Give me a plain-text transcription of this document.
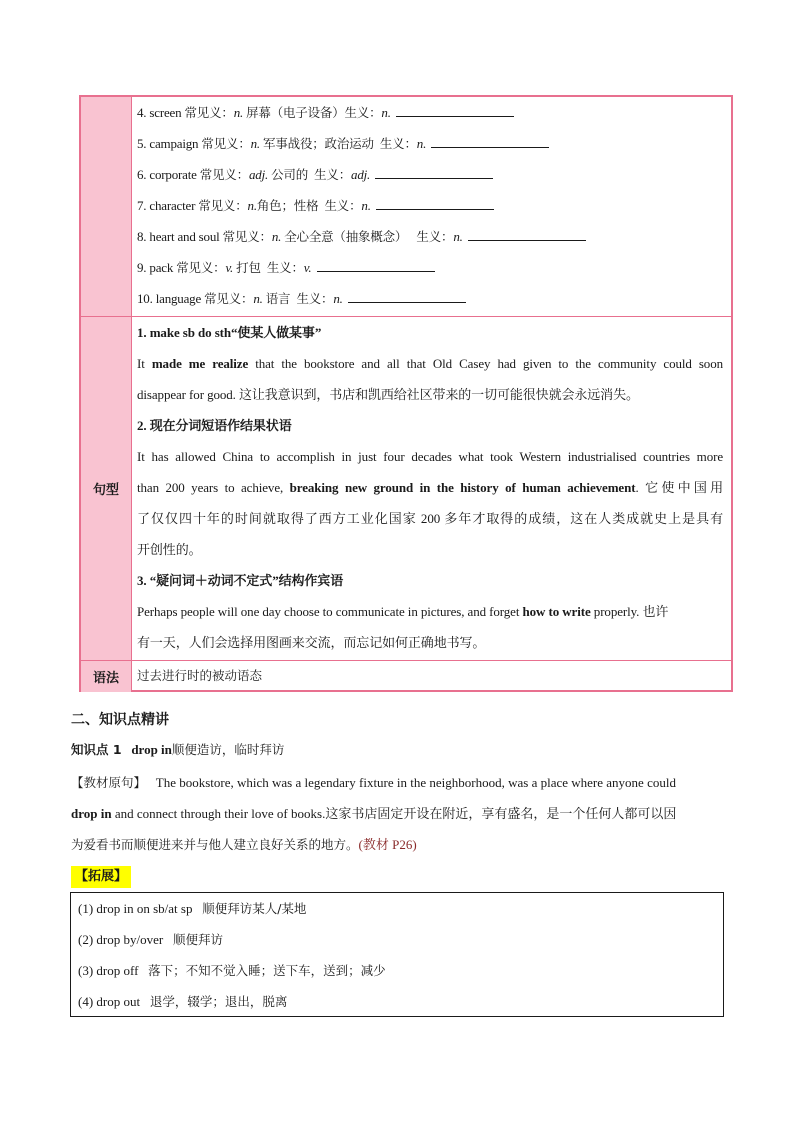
4. screen 常见义：n. 屏幕（电子设备）生义：n.
5. campaign 常见义：n. 军事战役；政治运动 生义：n.
6. corporate 常见义：adj. 公司的 生义：adj.
7. character 常见义：n.角色；性格 生义：n.
8. heart and soul 常见义：n. 全心全意（抽象概念） 生义：n.
9. pack 常见义：v. 打包 生义：v.
10. language 常见义：n. 语言 生义：n.
句型
1. make sb do sth“使某人做某事”
It made me realize that the bookstore and all that Old Casey had given to the community could soon
disappear for good. 这让我意识到，书店和凯西给社区带来的一切可能很快就会永远消失。
2. 现在分词短语作结果状语
It has allowed China to accomplish in just four decades what took Western industrialised countries more
than 200 years to achieve, breaking new ground in the history of human achievement. 它使中国用
了仅仅四十年的时间就取得了西方工业化国家 200 多年才取得的成绩，这在人类成就史上是具有
开创性的。
3. “疑问词＋动词不定式”结构作宾语
Perhaps people will one day choose to communicate in pictures, and forget how to write properly. 也许
有一天，人们会选择用图画来交流，而忘记如何正确地书写。
语法	过去进行时的被动语态
二、知识点精讲
知识点 1 drop in顺便造访，临时拜访
【教材原句】 The bookstore, which was a legendary fixture in the neighborhood, was a place where anyone could
drop in and connect through their love of books.这家书店固定开设在附近，享有盛名，是一个任何人都可以因
为爱看书而顺便进来并与他人建立良好关系的地方。(教材 P26)
【拓展】
(1) drop in on sb/at sp 顺便拜访某人/某地
(2) drop by/over 顺便拜访
(3) drop off 落下；不知不觉入睡；送下车，送到；减少
(4) drop out 退学，辍学；退出，脱离
